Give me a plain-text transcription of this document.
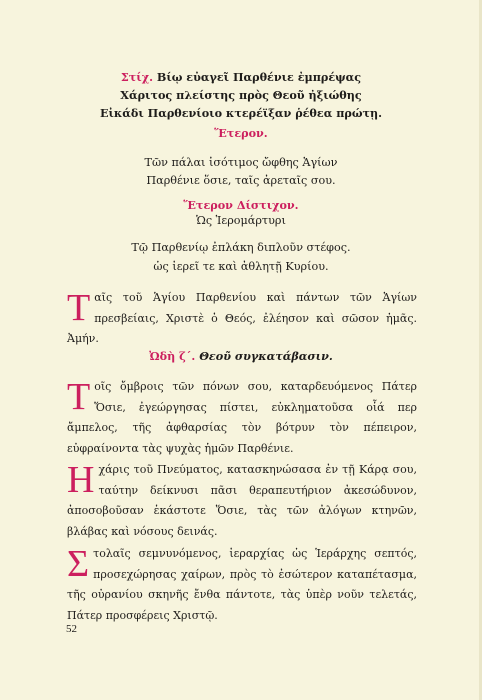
Στίχ. Βίῳ εὐαγεῖ Παρθένιε ἐμπρέψας
Χάριτος πλείστης πρὸς Θεοῦ ἠξιώθης
Εἰκάδι Παρθενίοιο κτερέϊξαν ῥέθεα πρώτῃ.
Ἕτερον.
Τῶν πάλαι ἰσότιμος ὤφθης Ἁγίων
Παρθένιε ὅσιε, ταῖς ἀρεταῖς σου.
Ἕτερον Δίστιχον.
Ὡς Ἱερομάρτυρι
Τῷ Παρθενίῳ ἐπλάκη διπλοῦν στέφος.
ὡς ἱερεῖ τε καὶ ἀθλητῇ Κυρίου.
Ταῖς τοῦ Ἁγίου Παρθενίου καὶ πάντων τῶν Ἁγίων πρεσβείαις, Χριστὲ ὁ Θεός, ἐλέησον καὶ σῶσον ἡμᾶς. Ἀμήν.
Ὠδὴ ζ΄. Θεοῦ συγκατάβασιν.
Τοῖς ὄμβροις τῶν πόνων σου, καταρδευόμενος Πάτερ Ὅσιε, ἐγεώργησας πίστει, εὐκληματοῦσα οἷά περ ἄμπελος, τῆς ἀφθαρσίας τὸν βότρυν τὸν πέπειρον, εὐφραίνοντα τὰς ψυχὰς ἡμῶν Παρθένιε.
Ηχάρις τοῦ Πνεύματος, κατασκηνώσασα ἐν τῇ Κάρᾳ σου, ταύτην δείκνυσι πᾶσι θεραπευτήριον ἀκεσώδυνον, ἀποσοβοῦσαν ἑκάστοτε Ὅσιε, τὰς τῶν ἀλόγων κτηνῶν, βλάβας καὶ νόσους δεινάς.
Στολαῖς σεμνυνόμενος, ἱεραρχίας ὡς Ἱεράρχης σεπτός, προσεχώρησας χαίρων, πρὸς τὸ ἐσώτερον καταπέτασμα, τῆς οὐρανίου σκηνῆς ἔνθα πάντοτε, τὰς ὑπὲρ νοῦν τελετάς, Πάτερ προσφέρεις Χριστῷ.
52
